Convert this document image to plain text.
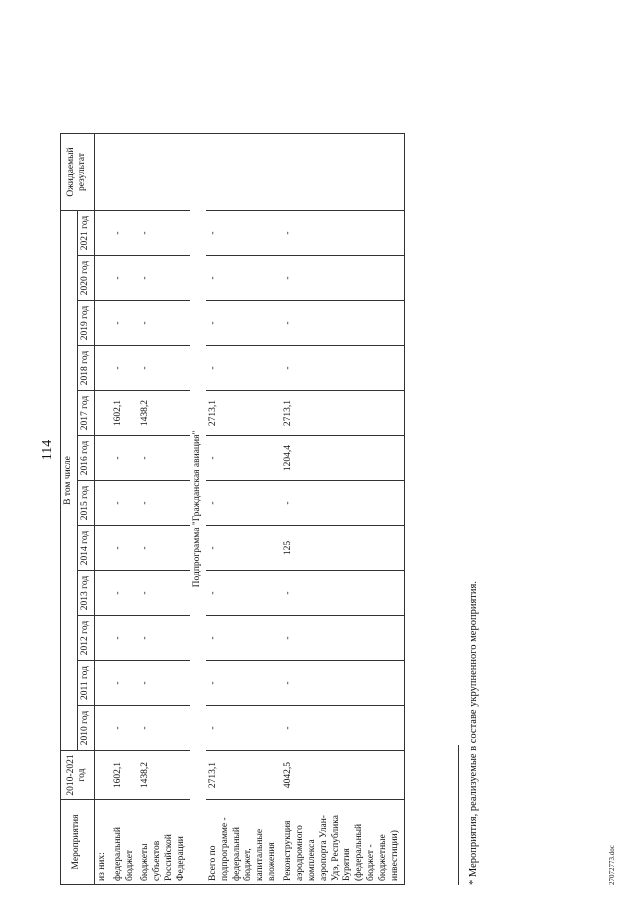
114
Мероприятия	2010-2021 год	В том числе												Ожидаемый результат
		2010 год	2011 год	2012 год	2013 год	2014 год	2015 год	2016 год	2017 год	2018 год	2019 год	2020 год	2021 год	
из них:														
федеральный бюджет	1602,1	-	-	-	-	-	-	-	1602,1	-	-	-	-	
бюджеты субъектов Российской Федерации	1438,2	-	-	-	-	-	-	-	1438,2	-	-	-	-	
Подпрограмма "Гражданская авиация"														
Всего по подпрограмме - федеральный бюджет, капитальные вложения	2713,1	-	-	-	-	-	-	-	2713,1	-	-	-	-	
Реконструкция аэродромного комплекса аэропорта Улан-Удэ, Республика Бурятия (федеральный бюджет - бюджетные инвестиции)	4042,5	-	-	-	-	125	-	1204,4	2713,1	-	-	-	-	
* Мероприятия, реализуемые в составе укрупненного мероприятия.	27072773.doc
